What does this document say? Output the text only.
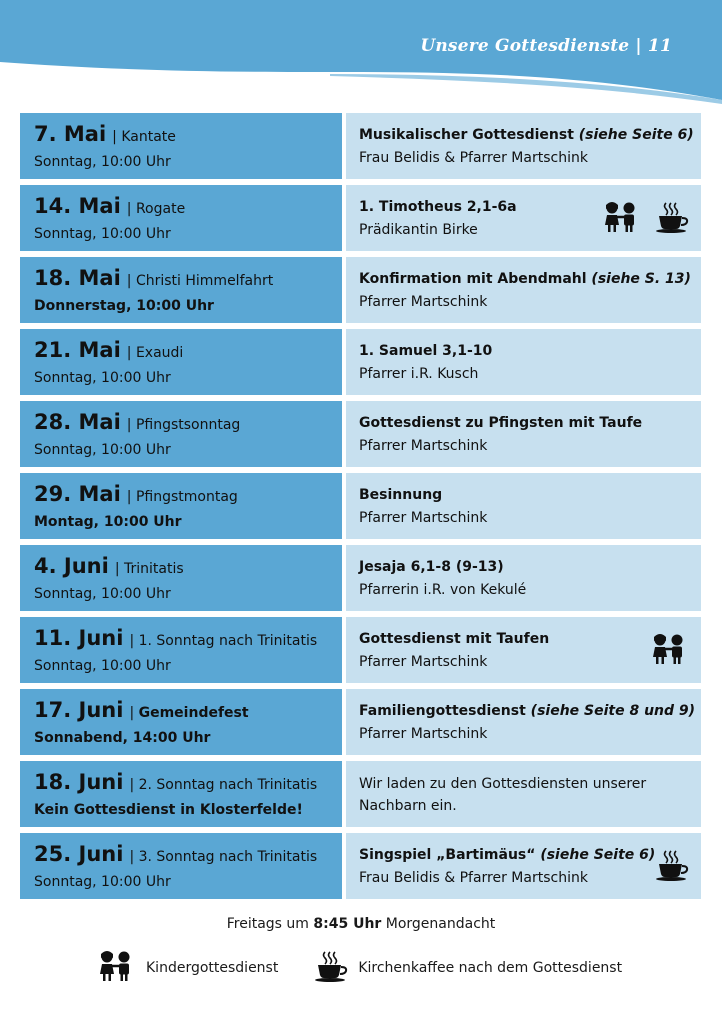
Unsere Gottesdienste | 11
7. Mai | Kantate
Sonntag, 10:00 Uhr
Musikalischer Gottesdienst (siehe Seite 6)
Frau Belidis & Pfarrer Martschink
14. Mai | Rogate
Sonntag, 10:00 Uhr
1. Timotheus 2,1-6a
Prädikantin Birke
18. Mai | Christi Himmelfahrt
Donnerstag, 10:00 Uhr
Konfirmation mit Abendmahl (siehe S. 13)
Pfarrer Martschink
21. Mai | Exaudi
Sonntag, 10:00 Uhr
1. Samuel 3,1-10
Pfarrer i.R. Kusch
28. Mai | Pfingstsonntag
Sonntag, 10:00 Uhr
Gottesdienst zu Pfingsten mit Taufe
Pfarrer Martschink
29. Mai | Pfingstmontag
Montag, 10:00 Uhr
Besinnung
Pfarrer Martschink
4. Juni | Trinitatis
Sonntag, 10:00 Uhr
Jesaja 6,1-8 (9-13)
Pfarrerin i.R. von Kekulé
11. Juni | 1. Sonntag nach Trinitatis
Sonntag, 10:00 Uhr
Gottesdienst mit Taufen
Pfarrer Martschink
17. Juni | Gemeindefest
Sonnabend, 14:00 Uhr
Familiengottesdienst (siehe Seite 8 und 9)
Pfarrer Martschink
18. Juni | 2. Sonntag nach Trinitatis
Kein Gottesdienst in Klosterfelde!
Wir laden zu den Gottesdiensten unserer Nachbarn ein.
25. Juni | 3. Sonntag nach Trinitatis
Sonntag, 10:00 Uhr
Singspiel „Bartimäus“ (siehe Seite 6)
Frau Belidis & Pfarrer Martschink
Freitags um 8:45 Uhr Morgenandacht
Kindergottesdienst	Kirchenkaffee nach dem Gottesdienst
